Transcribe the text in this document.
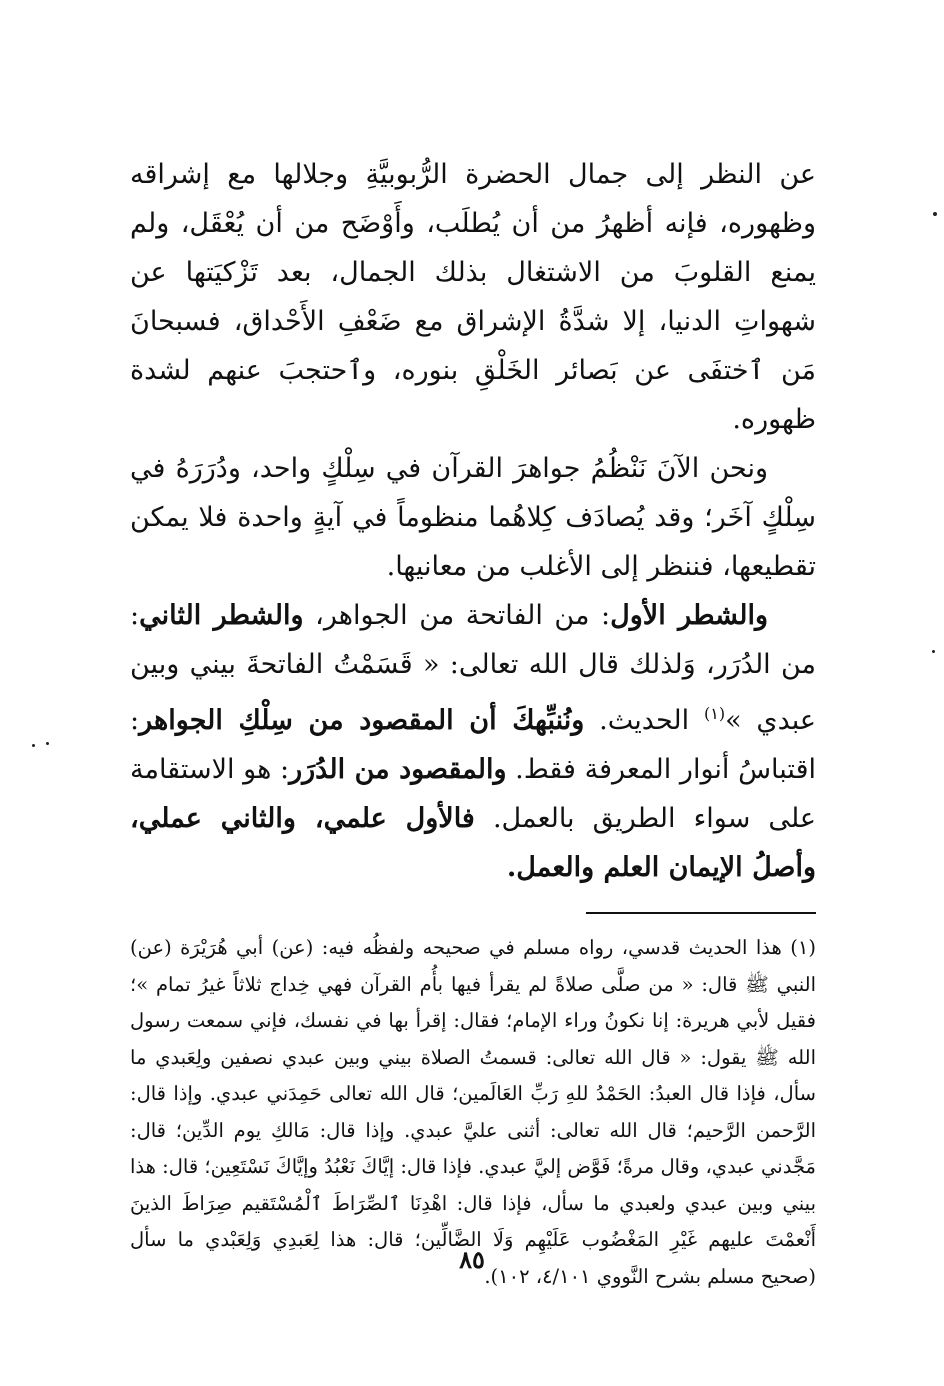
عن النظر إلى جمال الحضرة الرُّبوبيَّةِ وجلالها مع إشراقه وظهوره، فإنه أظهرُ من أن يُطلَب، وأَوْضَح من أن يُعْقَل، ولم يمنع القلوبَ من الاشتغال بذلك الجمال، بعد تَزْكيَتها عن شهواتِ الدنيا، إلا شدَّةُ الإشراق مع ضَعْفِ الأَحْداق، فسبحانَ مَن ٱختفَى عن بَصائر الخَلْقِ بنوره، وٱحتجبَ عنهم لشدة ظهوره.

ونحن الآنَ نَنْظُمُ جواهرَ القرآن في سِلْكٍ واحد، ودُرَرَهُ في سِلْكٍ آخَر؛ وقد يُصادَف كِلاهُما منظوماً في آيةٍ واحدة فلا يمكن تقطيعها، فننظر إلى الأغلب من معانيها.

والشطر الأول: من الفاتحة من الجواهر، والشطر الثاني: من الدُرَر، وَلذلك قال الله تعالى: « قَسَمْتُ الفاتحةَ بيني وبين عبدي »$^{(١)}$ الحديث. ونُنبِّهكَ أن المقصود من سِلْكِ الجواهر: اقتباسُ أنوار المعرفة فقط. والمقصود من الدُرَر: هو الاستقامة على سواء الطريق بالعمل. فالأول علمي، والثاني عملي، وأصلُ الإيمان العلم والعمل.

(١) هذا الحديث قدسي، رواه مسلم في صحيحه ولفظُه فيه: (عن) أبي هُرَيْرَة (عن) النبي ﷺ قال: « من صلَّى صلاةً لم يقرأ فيها بأُم القرآن فهي خِداج ثلاثاً غيرُ تمام »؛ فقيل لأبي هريرة: إنا نكونُ وراء الإمام؛ فقال: إقرأ بها في نفسك، فإني سمعت رسول الله ﷺ يقول: « قال الله تعالى: قسمتُ الصلاة بيني وبين عبدي نصفين ولِعَبدي ما سأل، فإذا قال العبدُ: الحَمْدُ للهِ رَبِّ العَالَمين؛ قال الله تعالى حَمِدَني عبدي. وإذا قال: الرَّحمن الرَّحيم؛ قال الله تعالى: أثنى عليَّ عبدي. وإذا قال: مَالكِ يوم الدِّين؛ قال: مَجَّدني عبدي، وقال مرةً؛ فَوَّض إليَّ عبدي. فإذا قال: إيَّاكَ نَعْبُدُ وإيَّاكَ نَسْتَعِين؛ قال: هذا بيني وبين عبدي ولعبدي ما سأل، فإذا قال: اهْدِنَا ٱلصِّرَاطَ ٱلْمُسْتَقيم صِرَاطَ الذينَ أَنْعمْتَ عليهم غَيْرِ المَغْضُوب عَلَيْهِم وَلَا الضَّالِّين؛ قال: هذا لِعَبدِي وَلِعَبْدي ما سأل (صحيح مسلم بشرح النَّووي ٤/١٠١، ١٠٢).

٨٥
